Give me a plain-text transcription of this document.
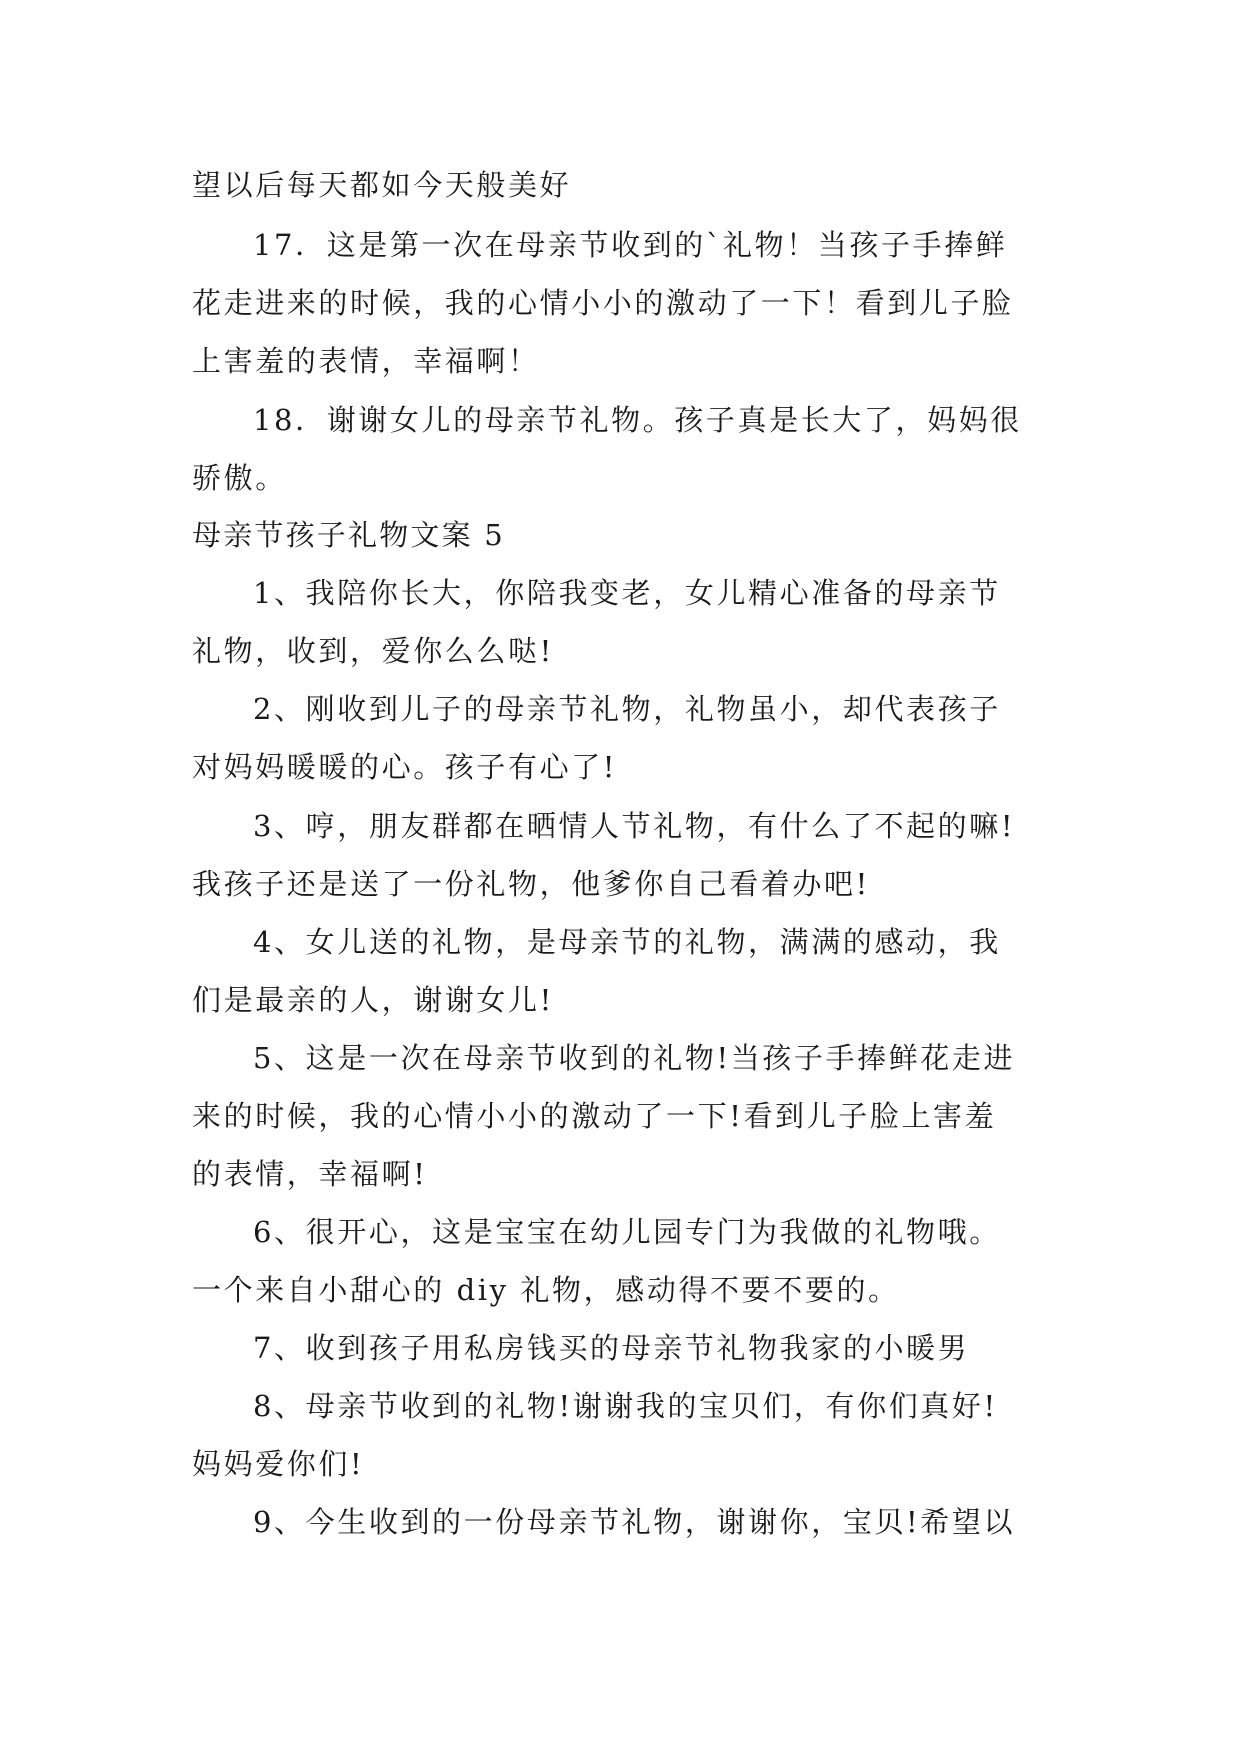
望以后每天都如今天般美好
17．这是第一次在母亲节收到的`礼物！当孩子手捧鲜
花走进来的时候，我的心情小小的激动了一下！看到儿子脸
上害羞的表情，幸福啊！
18．谢谢女儿的母亲节礼物。孩子真是长大了，妈妈很
骄傲。
母亲节孩子礼物文案 5
1、我陪你长大，你陪我变老，女儿精心准备的母亲节
礼物，收到，爱你么么哒!
2、刚收到儿子的母亲节礼物，礼物虽小，却代表孩子
对妈妈暖暖的心。孩子有心了!
3、哼，朋友群都在晒情人节礼物，有什么了不起的嘛!
我孩子还是送了一份礼物，他爹你自己看着办吧!
4、女儿送的礼物，是母亲节的礼物，满满的感动，我
们是最亲的人，谢谢女儿!
5、这是一次在母亲节收到的礼物!当孩子手捧鲜花走进
来的时候，我的心情小小的激动了一下!看到儿子脸上害羞
的表情，幸福啊!
6、很开心，这是宝宝在幼儿园专门为我做的礼物哦。
一个来自小甜心的 diy 礼物，感动得不要不要的。
7、收到孩子用私房钱买的母亲节礼物我家的小暖男
8、母亲节收到的礼物!谢谢我的宝贝们，有你们真好!
妈妈爱你们!
9、今生收到的一份母亲节礼物，谢谢你，宝贝!希望以
